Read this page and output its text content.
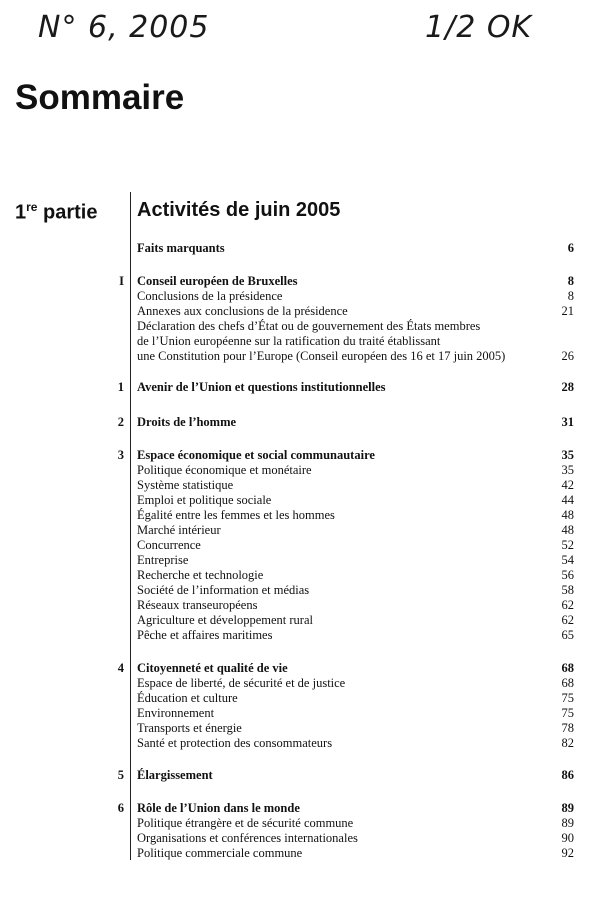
N° 6, 2005	1/2 OK
Sommaire
1re partie Activités de juin 2005
Faits marquants	6
I Conseil européen de Bruxelles	8
Conclusions de la présidence	8
Annexes aux conclusions de la présidence	21
Déclaration des chefs d’État ou de gouvernement des États membres
de l’Union européenne sur la ratification du traité établissant
une Constitution pour l’Europe (Conseil européen des 16 et 17 juin 2005)	26
1 Avenir de l’Union et questions institutionnelles	28
2 Droits de l’homme	31
3 Espace économique et social communautaire	35
Politique économique et monétaire	35
Système statistique	42
Emploi et politique sociale	44
Égalité entre les femmes et les hommes	48
Marché intérieur	48
Concurrence	52
Entreprise	54
Recherche et technologie	56
Société de l’information et médias	58
Réseaux transeuropéens	62
Agriculture et développement rural	62
Pêche et affaires maritimes	65
4 Citoyenneté et qualité de vie	68
Espace de liberté, de sécurité et de justice	68
Éducation et culture	75
Environnement	75
Transports et énergie	78
Santé et protection des consommateurs	82
5 Élargissement	86
6 Rôle de l’Union dans le monde	89
Politique étrangère et de sécurité commune	89
Organisations et conférences internationales	90
Politique commerciale commune	92
